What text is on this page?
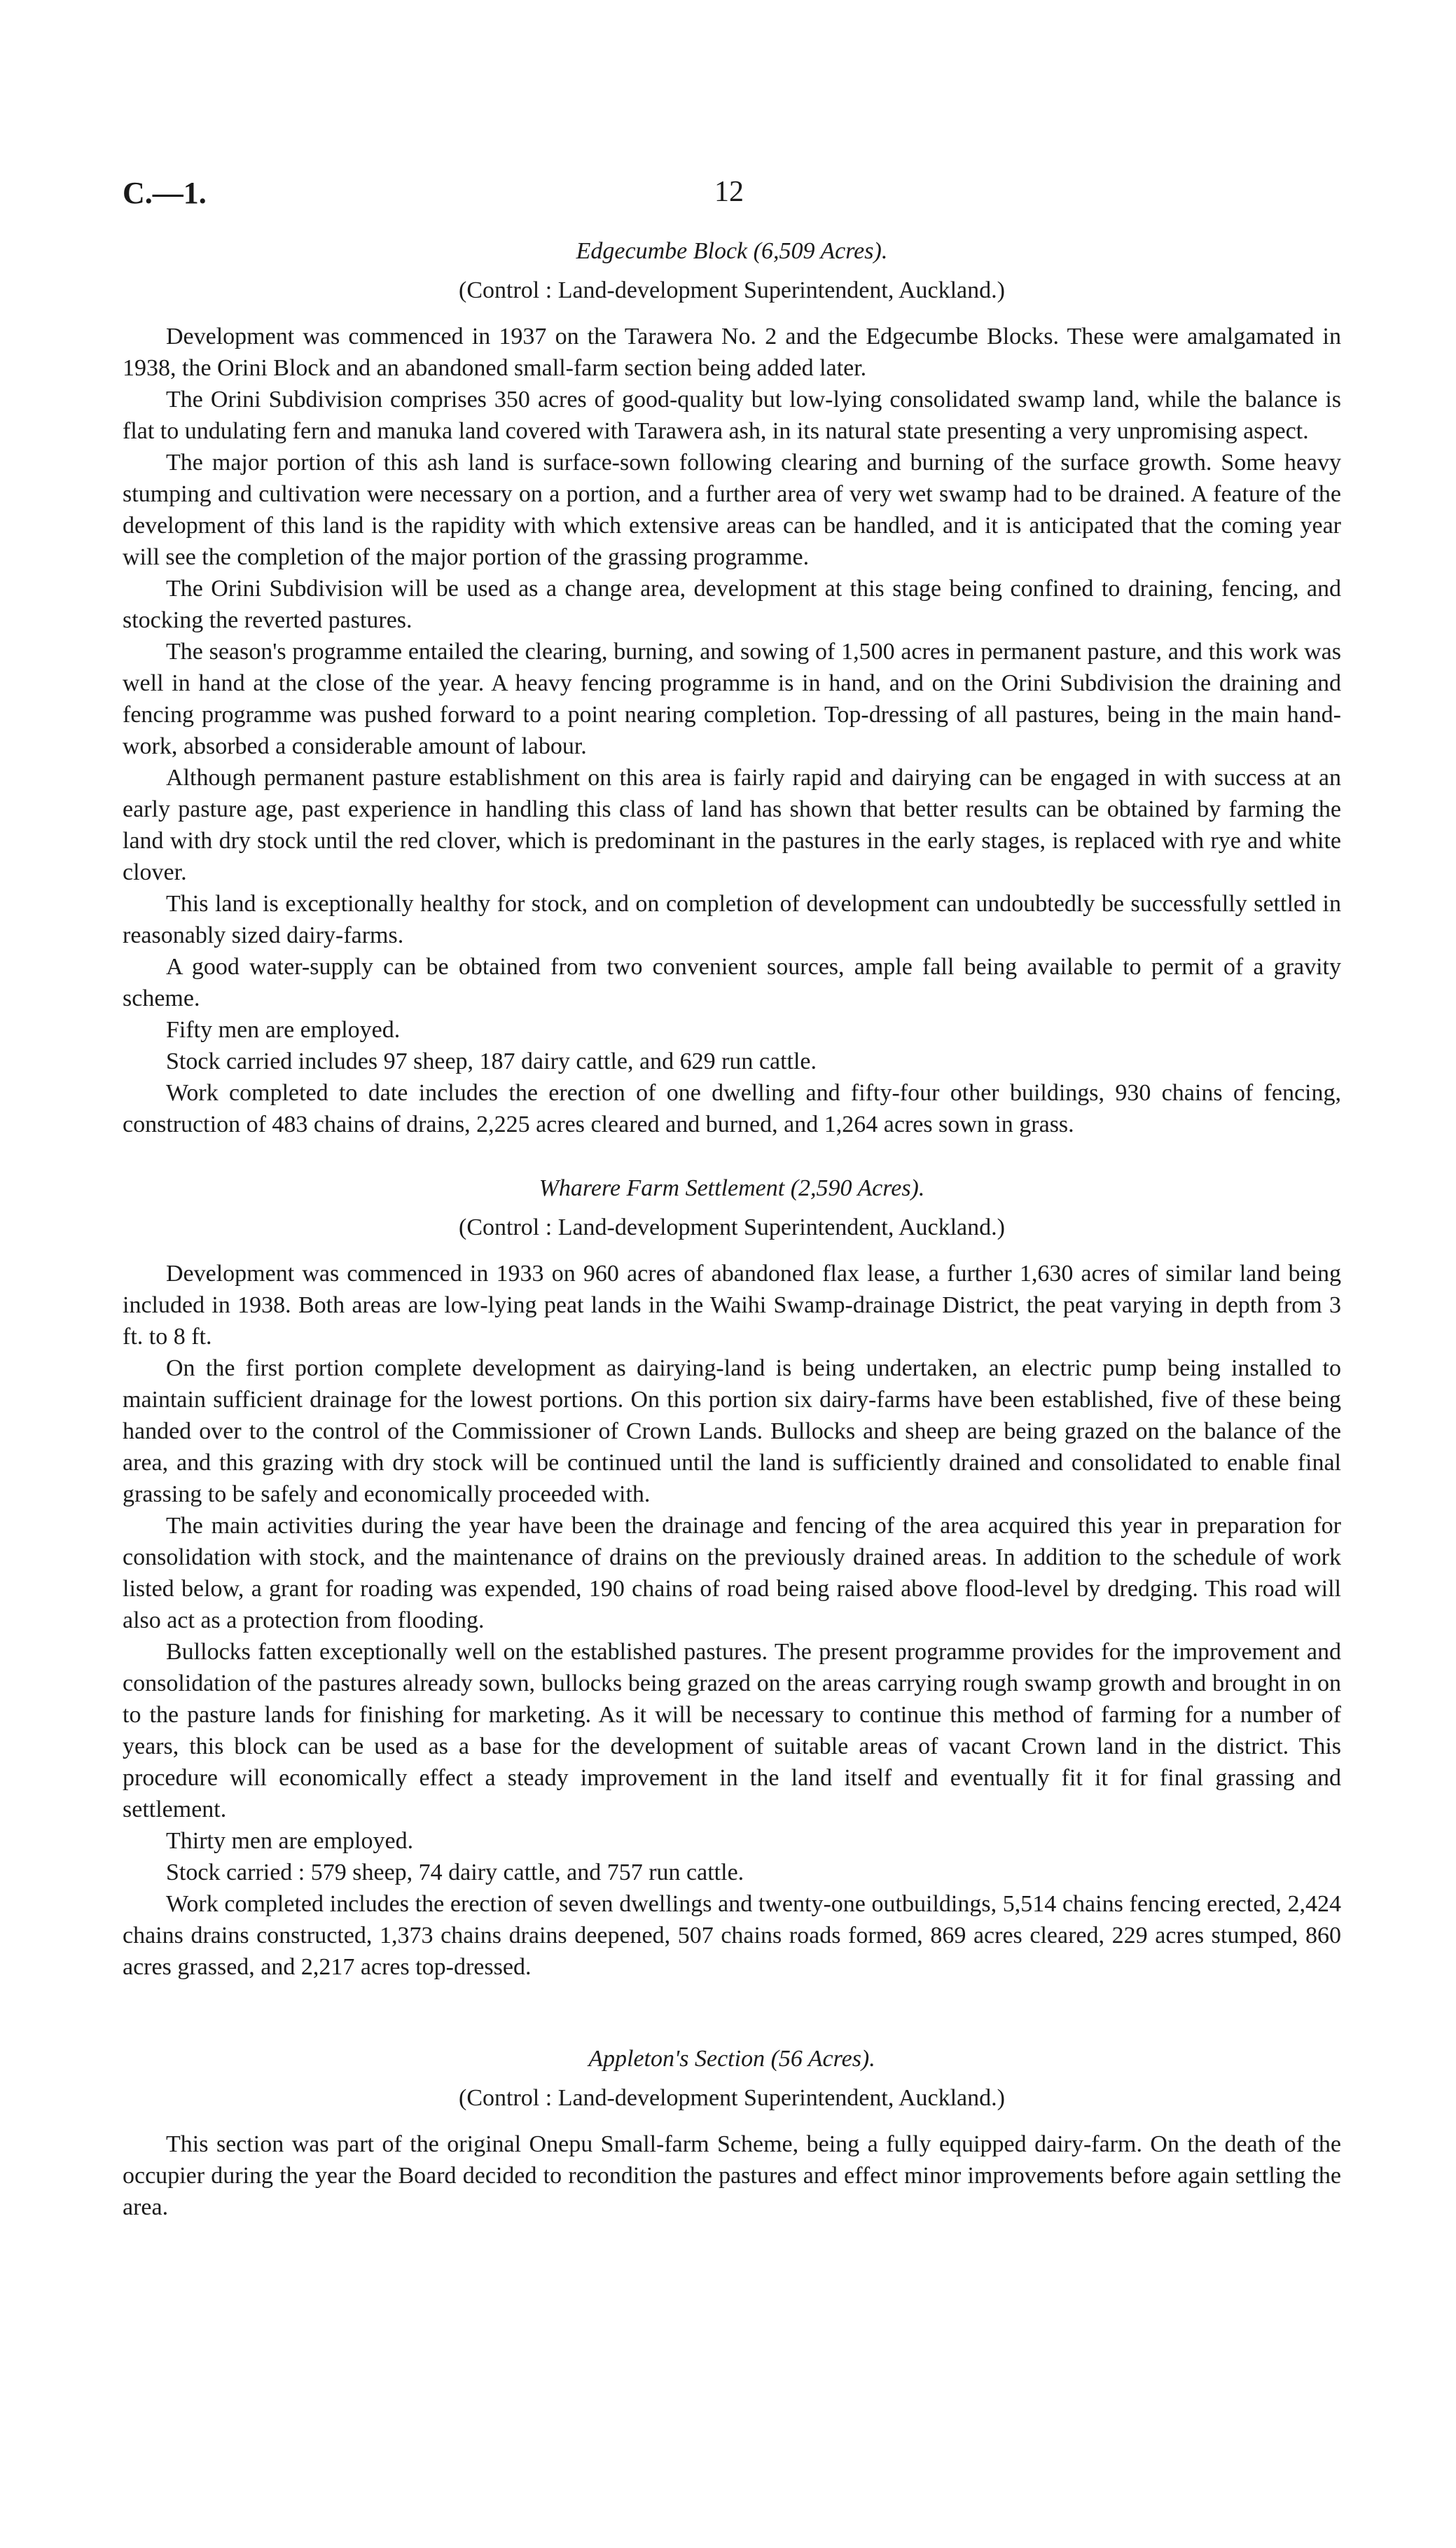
C.—1.	12
Edgecumbe Block (6,509 Acres).
(Control : Land-development Superintendent, Auckland.)

Development was commenced in 1937 on the Tarawera No. 2 and the Edgecumbe Blocks. These were amalgamated in 1938, the Orini Block and an abandoned small-farm section being added later.

The Orini Subdivision comprises 350 acres of good-quality but low-lying consolidated swamp land, while the balance is flat to undulating fern and manuka land covered with Tarawera ash, in its natural state presenting a very unpromising aspect.

The major portion of this ash land is surface-sown following clearing and burning of the surface growth. Some heavy stumping and cultivation were necessary on a portion, and a further area of very wet swamp had to be drained. A feature of the development of this land is the rapidity with which extensive areas can be handled, and it is anticipated that the coming year will see the completion of the major portion of the grassing programme.

The Orini Subdivision will be used as a change area, development at this stage being confined to draining, fencing, and stocking the reverted pastures.

The season's programme entailed the clearing, burning, and sowing of 1,500 acres in permanent pasture, and this work was well in hand at the close of the year. A heavy fencing programme is in hand, and on the Orini Subdivision the draining and fencing programme was pushed forward to a point nearing completion. Top-dressing of all pastures, being in the main hand-work, absorbed a considerable amount of labour.

Although permanent pasture establishment on this area is fairly rapid and dairying can be engaged in with success at an early pasture age, past experience in handling this class of land has shown that better results can be obtained by farming the land with dry stock until the red clover, which is predominant in the pastures in the early stages, is replaced with rye and white clover.

This land is exceptionally healthy for stock, and on completion of development can undoubtedly be successfully settled in reasonably sized dairy-farms.

A good water-supply can be obtained from two convenient sources, ample fall being available to permit of a gravity scheme.

Fifty men are employed.

Stock carried includes 97 sheep, 187 dairy cattle, and 629 run cattle.

Work completed to date includes the erection of one dwelling and fifty-four other buildings, 930 chains of fencing, construction of 483 chains of drains, 2,225 acres cleared and burned, and 1,264 acres sown in grass.

Wharere Farm Settlement (2,590 Acres).
(Control : Land-development Superintendent, Auckland.)

Development was commenced in 1933 on 960 acres of abandoned flax lease, a further 1,630 acres of similar land being included in 1938. Both areas are low-lying peat lands in the Waihi Swamp-drainage District, the peat varying in depth from 3 ft. to 8 ft.

On the first portion complete development as dairying-land is being undertaken, an electric pump being installed to maintain sufficient drainage for the lowest portions. On this portion six dairy-farms have been established, five of these being handed over to the control of the Commissioner of Crown Lands. Bullocks and sheep are being grazed on the balance of the area, and this grazing with dry stock will be continued until the land is sufficiently drained and consolidated to enable final grassing to be safely and economically proceeded with.

The main activities during the year have been the drainage and fencing of the area acquired this year in preparation for consolidation with stock, and the maintenance of drains on the previously drained areas. In addition to the schedule of work listed below, a grant for roading was expended, 190 chains of road being raised above flood-level by dredging. This road will also act as a protection from flooding.

Bullocks fatten exceptionally well on the established pastures. The present programme provides for the improvement and consolidation of the pastures already sown, bullocks being grazed on the areas carrying rough swamp growth and brought in on to the pasture lands for finishing for marketing. As it will be necessary to continue this method of farming for a number of years, this block can be used as a base for the development of suitable areas of vacant Crown land in the district. This procedure will economically effect a steady improvement in the land itself and eventually fit it for final grassing and settlement.

Thirty men are employed.

Stock carried : 579 sheep, 74 dairy cattle, and 757 run cattle.

Work completed includes the erection of seven dwellings and twenty-one outbuildings, 5,514 chains fencing erected, 2,424 chains drains constructed, 1,373 chains drains deepened, 507 chains roads formed, 869 acres cleared, 229 acres stumped, 860 acres grassed, and 2,217 acres top-dressed.

Appleton's Section (56 Acres).
(Control : Land-development Superintendent, Auckland.)

This section was part of the original Onepu Small-farm Scheme, being a fully equipped dairy-farm. On the death of the occupier during the year the Board decided to recondition the pastures and effect minor improvements before again settling the area.
